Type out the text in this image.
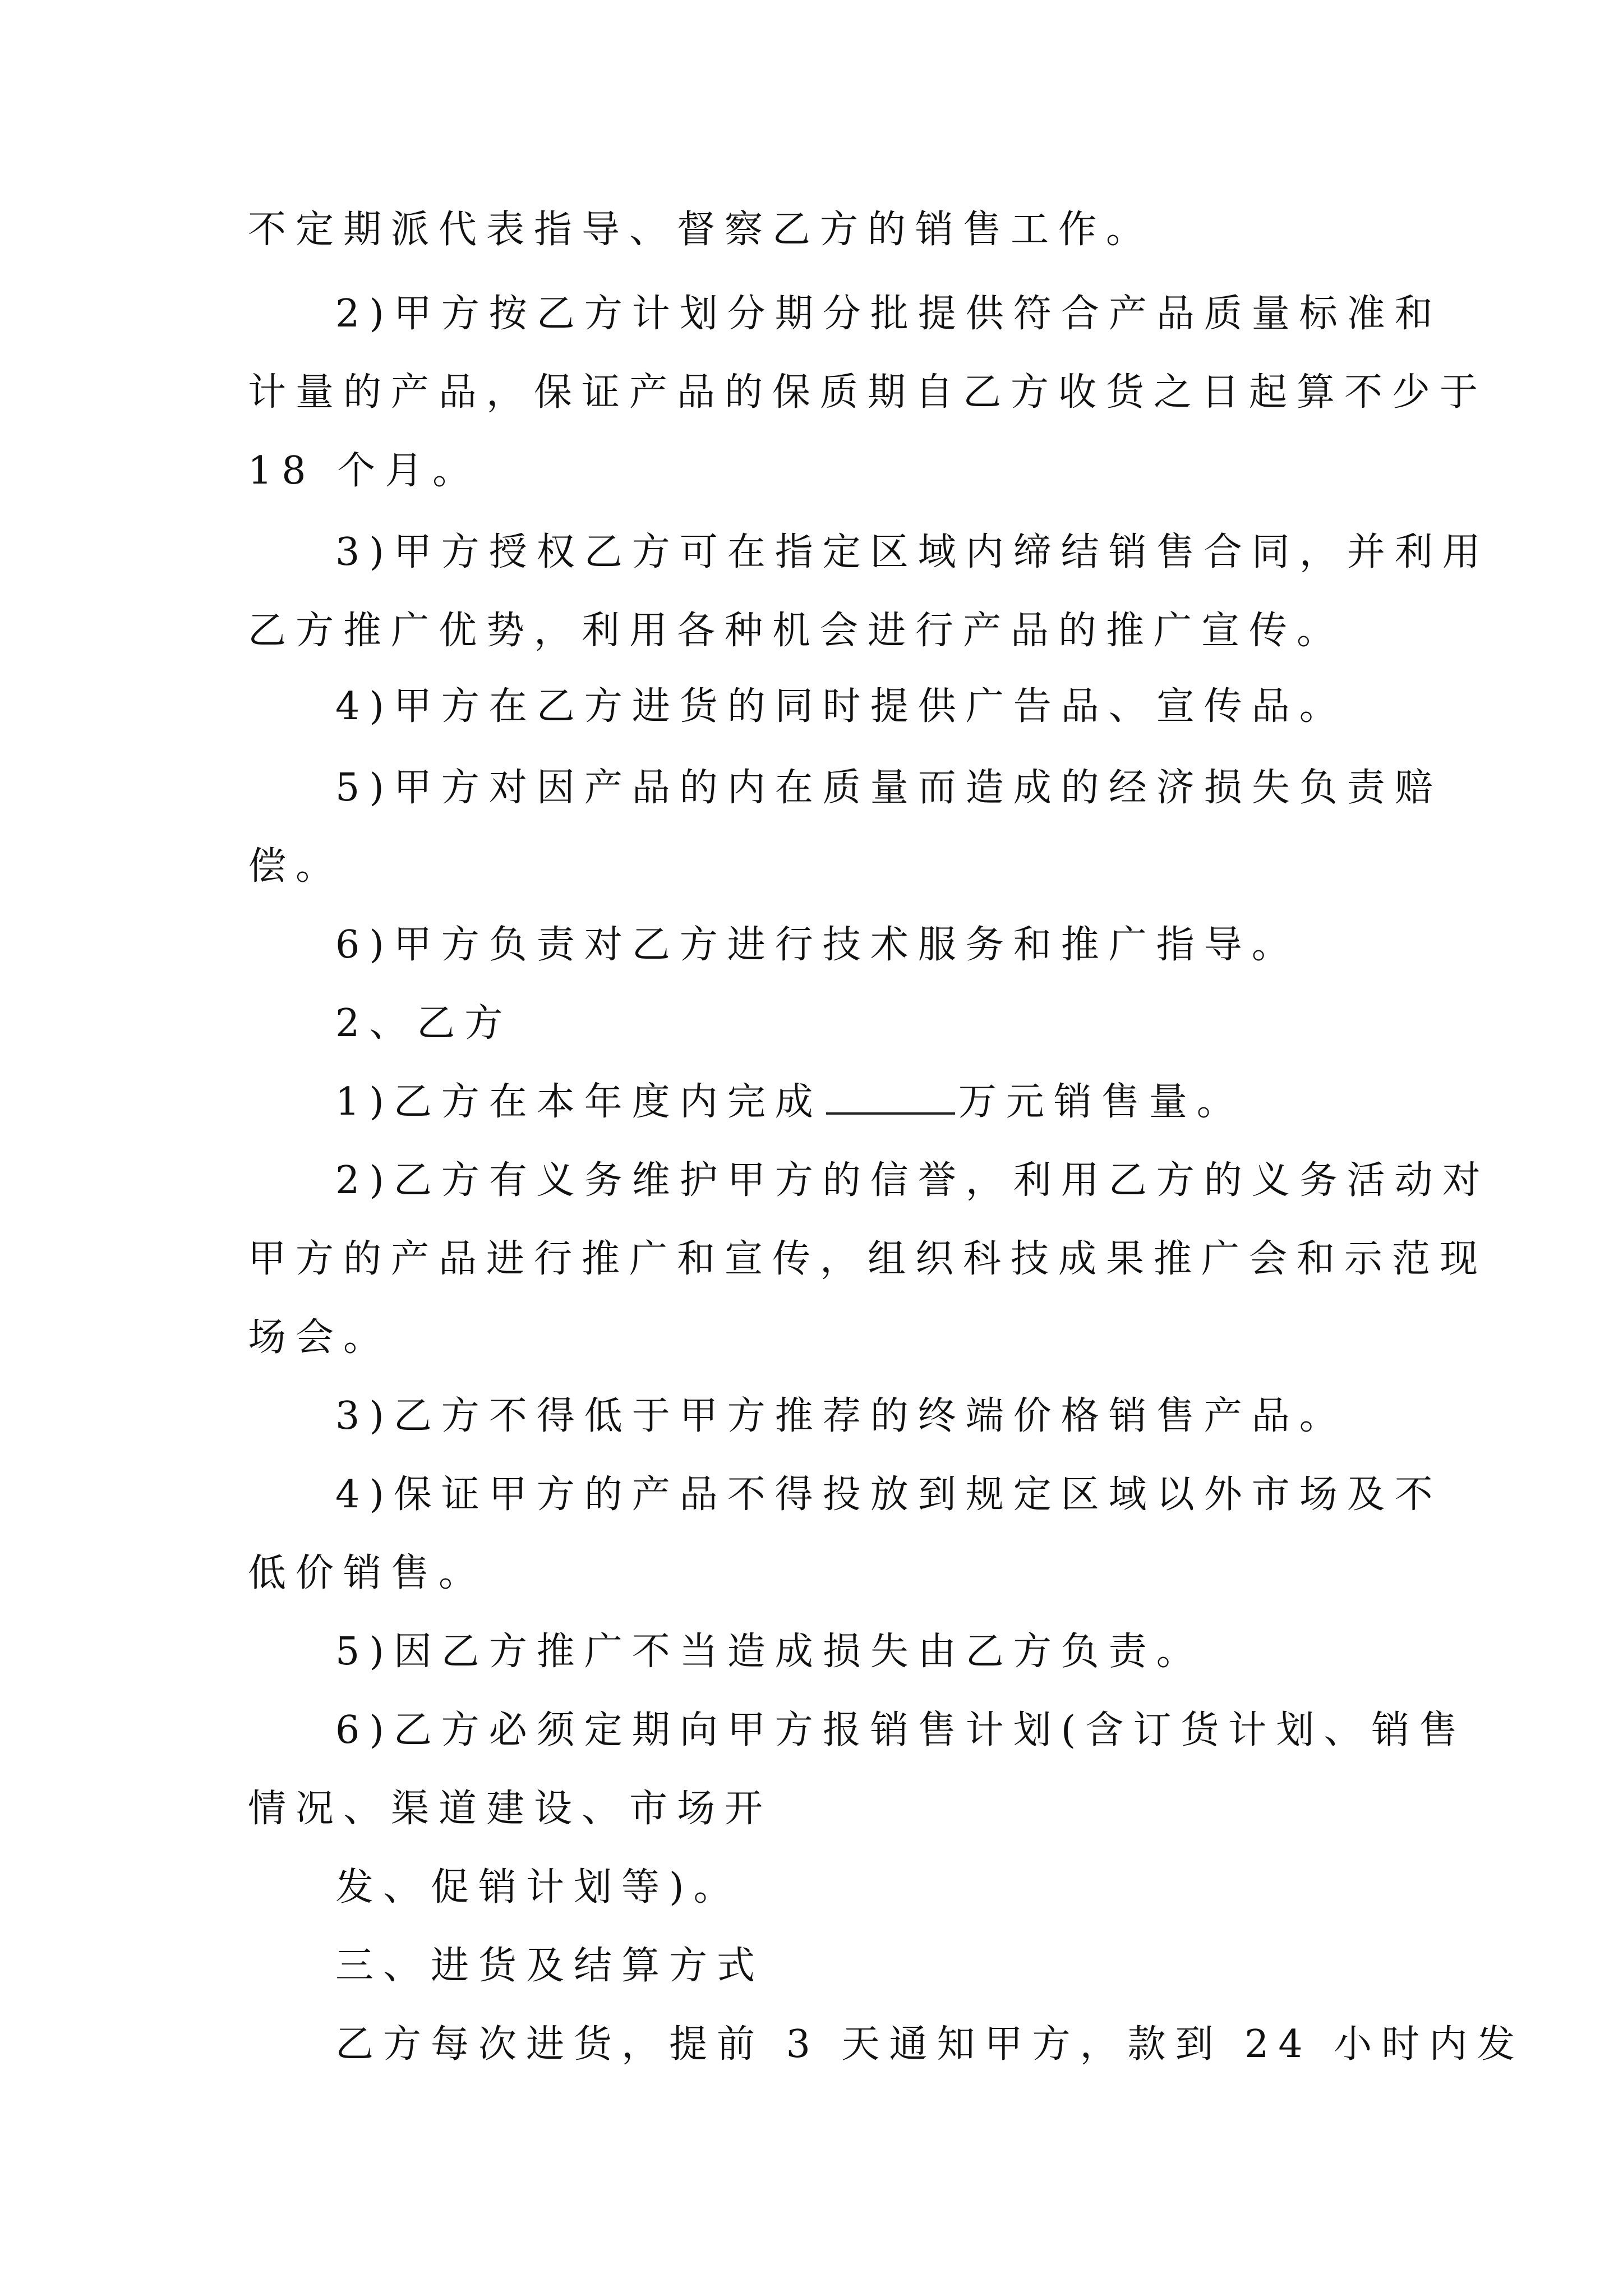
不定期派代表指导、督察乙方的销售工作。
2)甲方按乙方计划分期分批提供符合产品质量标准和
计量的产品，保证产品的保质期自乙方收货之日起算不少于
18 个月。
3)甲方授权乙方可在指定区域内缔结销售合同，并利用
乙方推广优势，利用各种机会进行产品的推广宣传。
4)甲方在乙方进货的同时提供广告品、宣传品。
5)甲方对因产品的内在质量而造成的经济损失负责赔
偿。
6)甲方负责对乙方进行技术服务和推广指导。
2、乙方
1)乙方在本年度内完成	万元销售量。
2)乙方有义务维护甲方的信誉，利用乙方的义务活动对
甲方的产品进行推广和宣传，组织科技成果推广会和示范现
场会。
3)乙方不得低于甲方推荐的终端价格销售产品。
4)保证甲方的产品不得投放到规定区域以外市场及不
低价销售。
5)因乙方推广不当造成损失由乙方负责。
6)乙方必须定期向甲方报销售计划(含订货计划、销售
情况、渠道建设、市场开
发、促销计划等)。
三、进货及结算方式
乙方每次进货，提前 3 天通知甲方，款到 24 小时内发
